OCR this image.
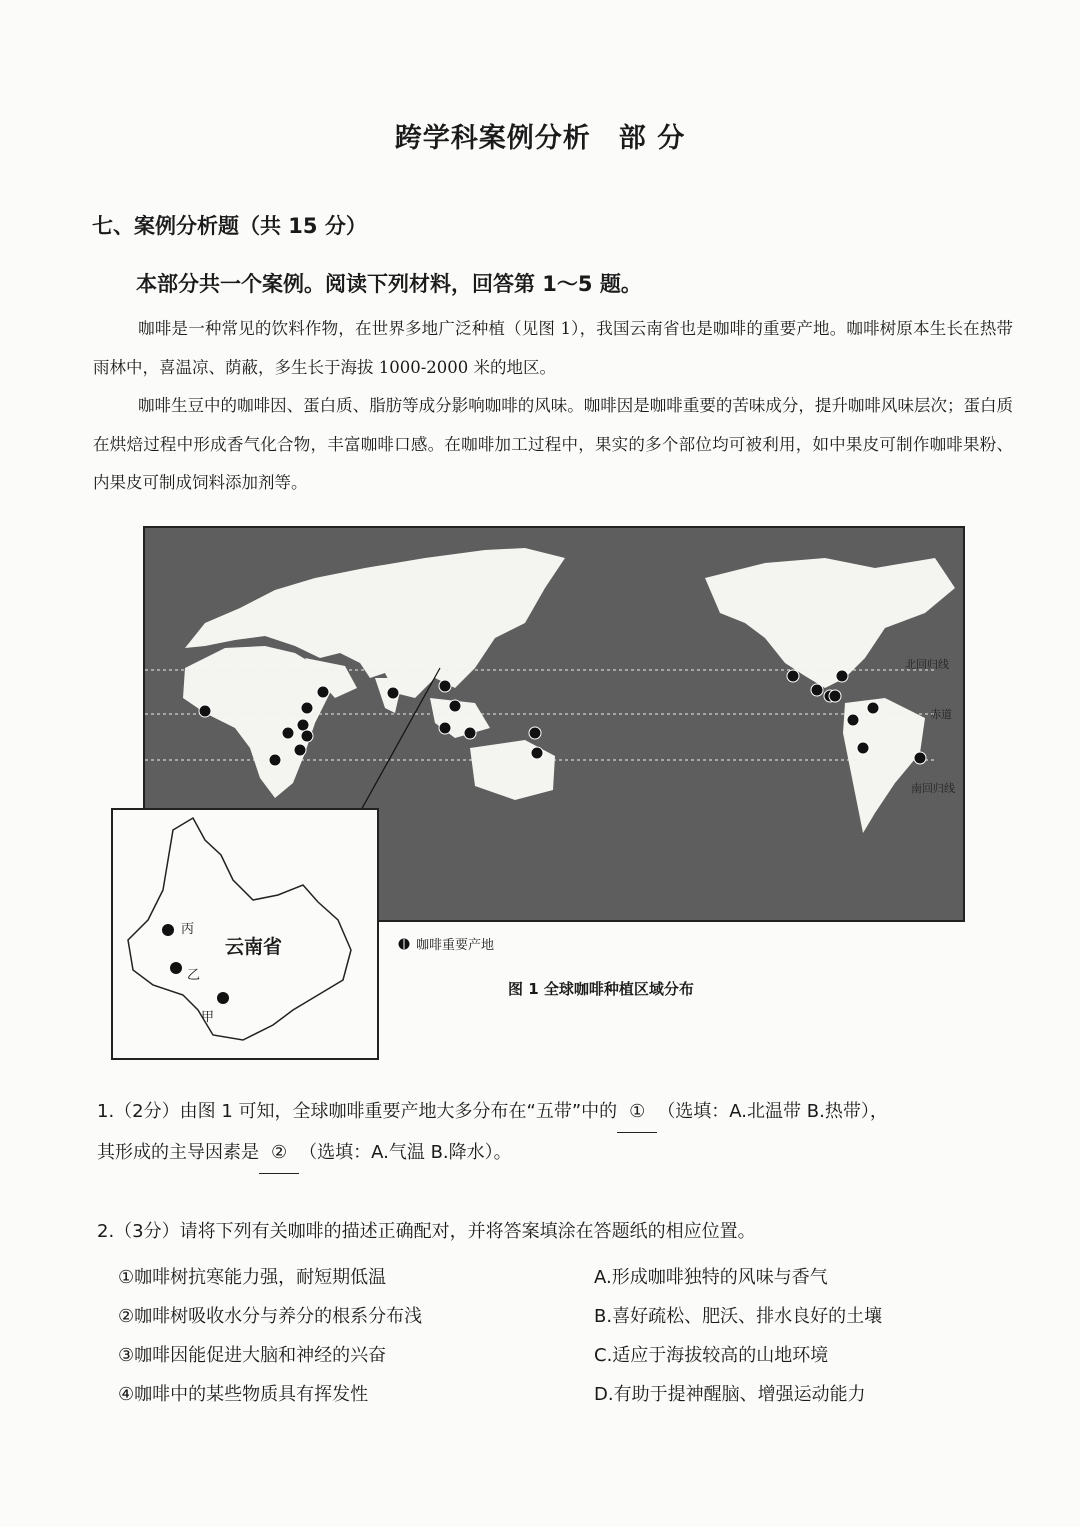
跨学科案例分析　部 分
七、案例分析题（共 15 分）
本部分共一个案例。阅读下列材料，回答第 1～5 题。
咖啡是一种常见的饮料作物，在世界多地广泛种植（见图 1），我国云南省也是咖啡的重要产地。咖啡树原本生长在热带雨林中，喜温凉、荫蔽，多生长于海拔 1000-2000 米的地区。
咖啡生豆中的咖啡因、蛋白质、脂肪等成分影响咖啡的风味。咖啡因是咖啡重要的苦味成分，提升咖啡风味层次；蛋白质在烘焙过程中形成香气化合物，丰富咖啡口感。在咖啡加工过程中，果实的多个部位均可被利用，如中果皮可制作咖啡果粉、内果皮可制成饲料添加剂等。
北回归线
赤道
南回归线
丙
乙
甲
云南省	咖啡重要产地
图 1 全球咖啡种植区域分布
1.（2分）由图 1 可知，全球咖啡重要产地大多分布在“五带”中的 ① （选填：A.北温带 B.热带），
其形成的主导因素是 ② （选填：A.气温 B.降水）。
2.（3分）请将下列有关咖啡的描述正确配对，并将答案填涂在答题纸的相应位置。
①咖啡树抗寒能力强，耐短期低温	A.形成咖啡独特的风味与香气
②咖啡树吸收水分与养分的根系分布浅	B.喜好疏松、肥沃、排水良好的土壤
③咖啡因能促进大脑和神经的兴奋	C.适应于海拔较高的山地环境
④咖啡中的某些物质具有挥发性	D.有助于提神醒脑、增强运动能力
